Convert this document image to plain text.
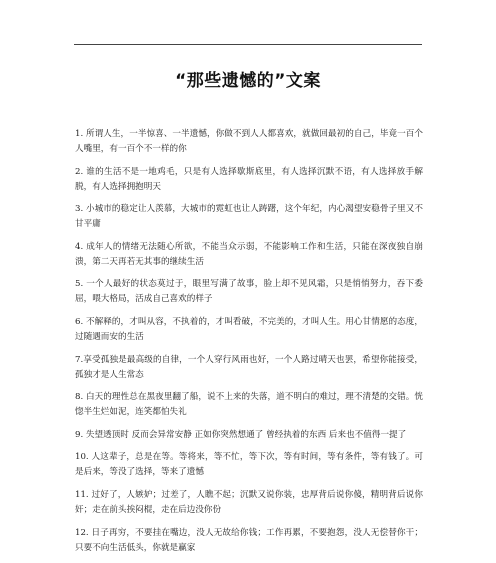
“那些遗憾的”文案
1. 所谓人生，一半惊喜、一半遗憾，你做不到人人都喜欢，就做回最初的自己，毕竟一百个人嘴里，有一百个不一样的你
2. 谁的生活不是一地鸡毛，只是有人选择歇斯底里，有人选择沉默不语，有人选择放手解脱，有人选择拥抱明天
3. 小城市的稳定让人羡慕，大城市的霓虹也让人踌躇，这个年纪，内心渴望安稳骨子里又不甘平庸
4. 成年人的情绪无法随心所欲，不能当众示弱，不能影响工作和生活，只能在深夜独自崩溃，第二天再若无其事的继续生活
5. 一个人最好的状态莫过于，眼里写满了故事，脸上却不见风霜，只是悄悄努力，吞下委屈，喂大格局，活成自己喜欢的样子
6. 不解释的，才叫从容，不执着的，才叫看破，不完美的，才叫人生。用心甘情愿的态度，过随遇而安的生活
7.享受孤独是最高级的自律，一个人穿行风雨也好，一个人路过晴天也罢，希望你能接受，孤独才是人生常态
8. 白天的理性总在黑夜里翻了船，说不上来的失落，道不明白的难过，理不清楚的交错。恍惚半生烂如泥，连笑都怕失礼
9. 失望透顶时 反而会异常安静 正如你突然想通了 曾经执着的东西 后来也不值得一提了
10. 人这辈子，总是在等。等将来，等不忙，等下次，等有时间，等有条件，等有钱了。可是后来，等没了选择，等来了遗憾
11. 过好了，人嫉妒；过差了，人瞧不起；沉默又说你装，忠厚背后说你傻，精明背后说你奸；走在前头挨闷棍，走在后边没你份
12. 日子再穷，不要挂在嘴边，没人无故给你钱；工作再累，不要抱怨，没人无偿替你干；只要不向生活低头，你就是赢家
